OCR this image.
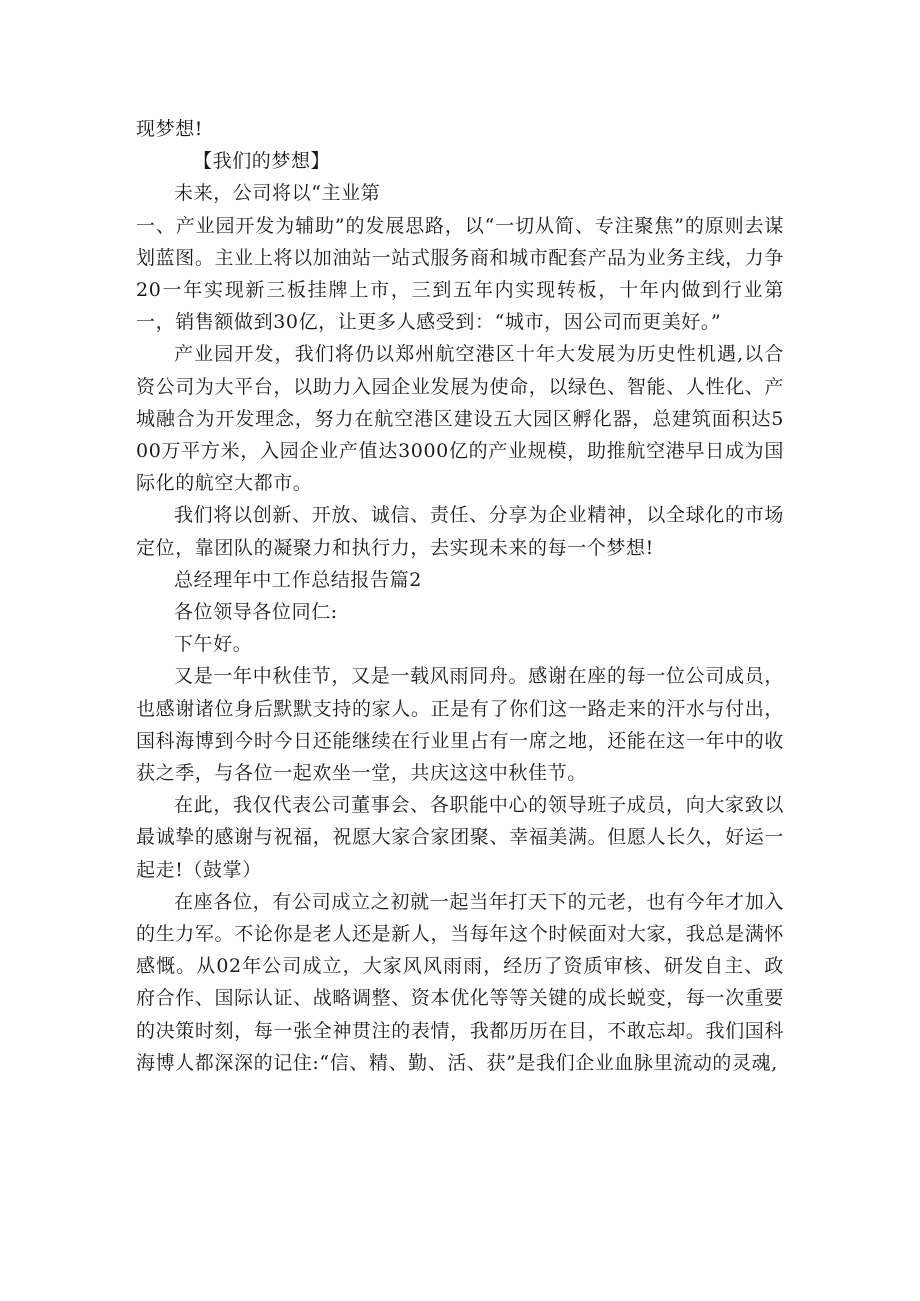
现梦想!

【我们的梦想】

未来，公司将以“主业第

一、产业园开发为辅助”的发展思路，以“一切从简、专注聚焦”的原则去谋划蓝图。主业上将以加油站一站式服务商和城市配套产品为业务主线，力争20一年实现新三板挂牌上市，三到五年内实现转板，十年内做到行业第一，销售额做到30亿，让更多人感受到：“城市，因公司而更美好。”

产业园开发，我们将仍以郑州航空港区十年大发展为历史性机遇,以合资公司为大平台，以助力入园企业发展为使命，以绿色、智能、人性化、产城融合为开发理念，努力在航空港区建设五大园区孵化器，总建筑面积达500万平方米，入园企业产值达3000亿的产业规模，助推航空港早日成为国际化的航空大都市。

我们将以创新、开放、诚信、责任、分享为企业精神，以全球化的市场定位，靠团队的凝聚力和执行力，去实现未来的每一个梦想!

总经理年中工作总结报告篇2

各位领导各位同仁:

下午好。

又是一年中秋佳节，又是一载风雨同舟。感谢在座的每一位公司成员，也感谢诸位身后默默支持的家人。正是有了你们这一路走来的汗水与付出，国科海博到今时今日还能继续在行业里占有一席之地，还能在这一年中的收获之季，与各位一起欢坐一堂，共庆这这中秋佳节。

在此，我仅代表公司董事会、各职能中心的领导班子成员，向大家致以最诚挚的感谢与祝福，祝愿大家合家团聚、幸福美满。但愿人长久，好运一起走!（鼓掌）

在座各位，有公司成立之初就一起当年打天下的元老，也有今年才加入的生力军。不论你是老人还是新人，当每年这个时候面对大家，我总是满怀感慨。从02年公司成立，大家风风雨雨，经历了资质审核、研发自主、政府合作、国际认证、战略调整、资本优化等等关键的成长蜕变，每一次重要的决策时刻，每一张全神贯注的表情，我都历历在目，不敢忘却。我们国科海博人都深深的记住:“信、精、勤、活、获”是我们企业血脉里流动的灵魂,
